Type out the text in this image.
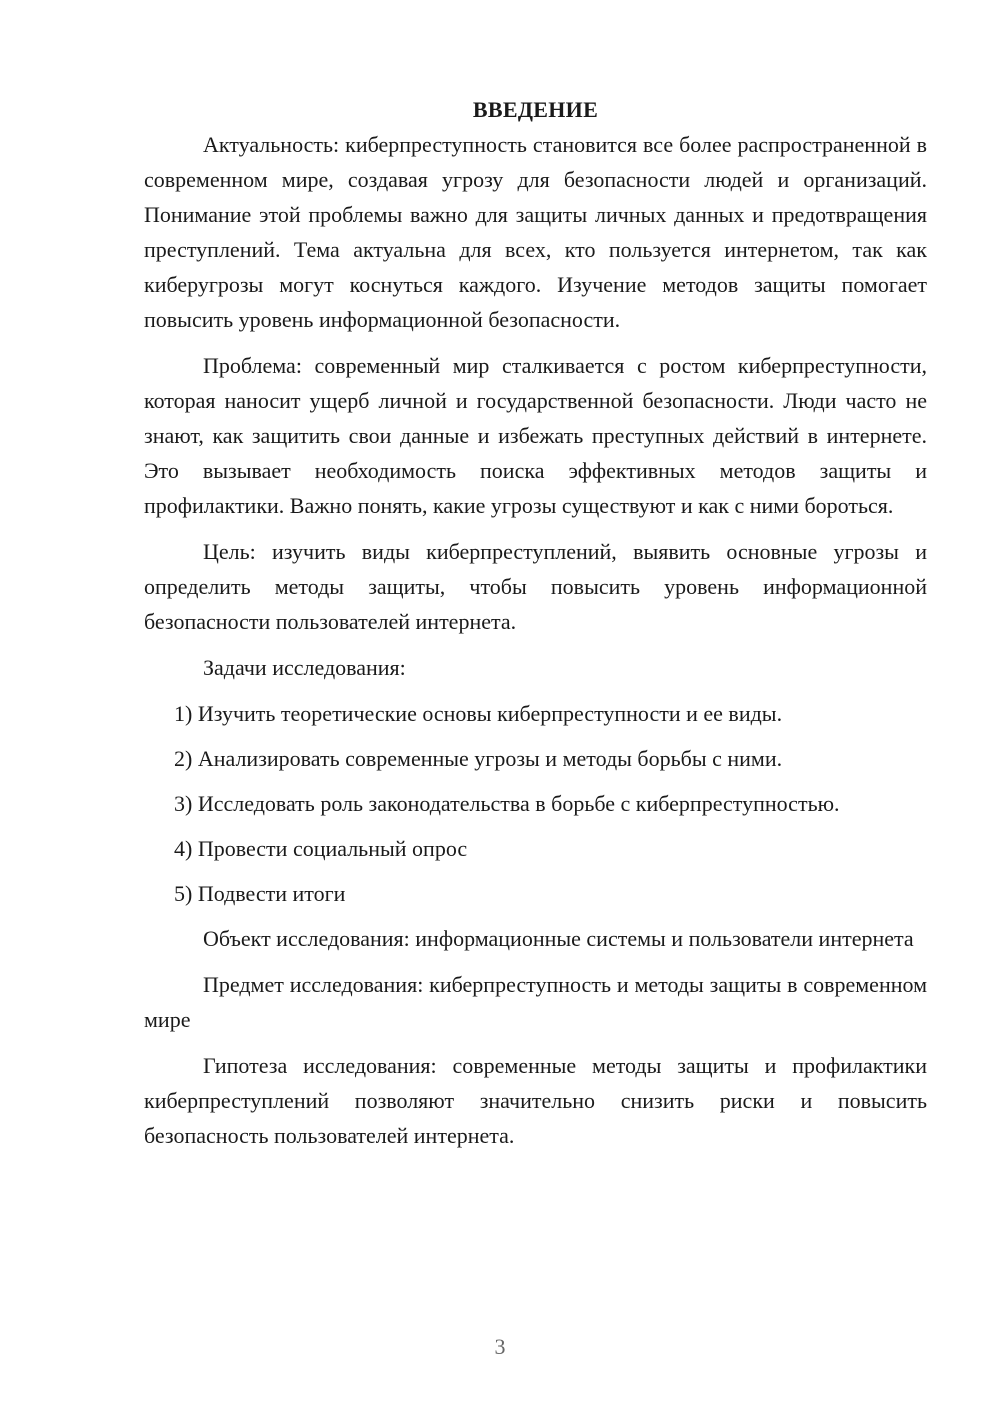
ВВЕДЕНИЕ

Актуальность: киберпреступность становится все более распространенной в современном мире, создавая угрозу для безопасности людей и организаций. Понимание этой проблемы важно для защиты личных данных и предотвращения преступлений. Тема актуальна для всех, кто пользуется интернетом, так как киберугрозы могут коснуться каждого. Изучение методов защиты помогает повысить уровень информационной безопасности.

Проблема: современный мир сталкивается с ростом киберпреступности, которая наносит ущерб личной и государственной безопасности. Люди часто не знают, как защитить свои данные и избежать преступных действий в интернете. Это вызывает необходимость поиска эффективных методов защиты и профилактики. Важно понять, какие угрозы существуют и как с ними бороться.

Цель: изучить виды киберпреступлений, выявить основные угрозы и определить методы защиты, чтобы повысить уровень информационной безопасности пользователей интернета.

Задачи исследования:

1) Изучить теоретические основы киберпреступности и ее виды.
2) Анализировать современные угрозы и методы борьбы с ними.
3) Исследовать роль законодательства в борьбе с киберпреступностью.
4) Провести социальный опрос
5) Подвести итоги

Объект исследования: информационные системы и пользователи интернета

Предмет исследования: киберпреступность и методы защиты в современном мире

Гипотеза исследования: современные методы защиты и профилактики киберпреступлений позволяют значительно снизить риски и повысить безопасность пользователей интернета.

3
